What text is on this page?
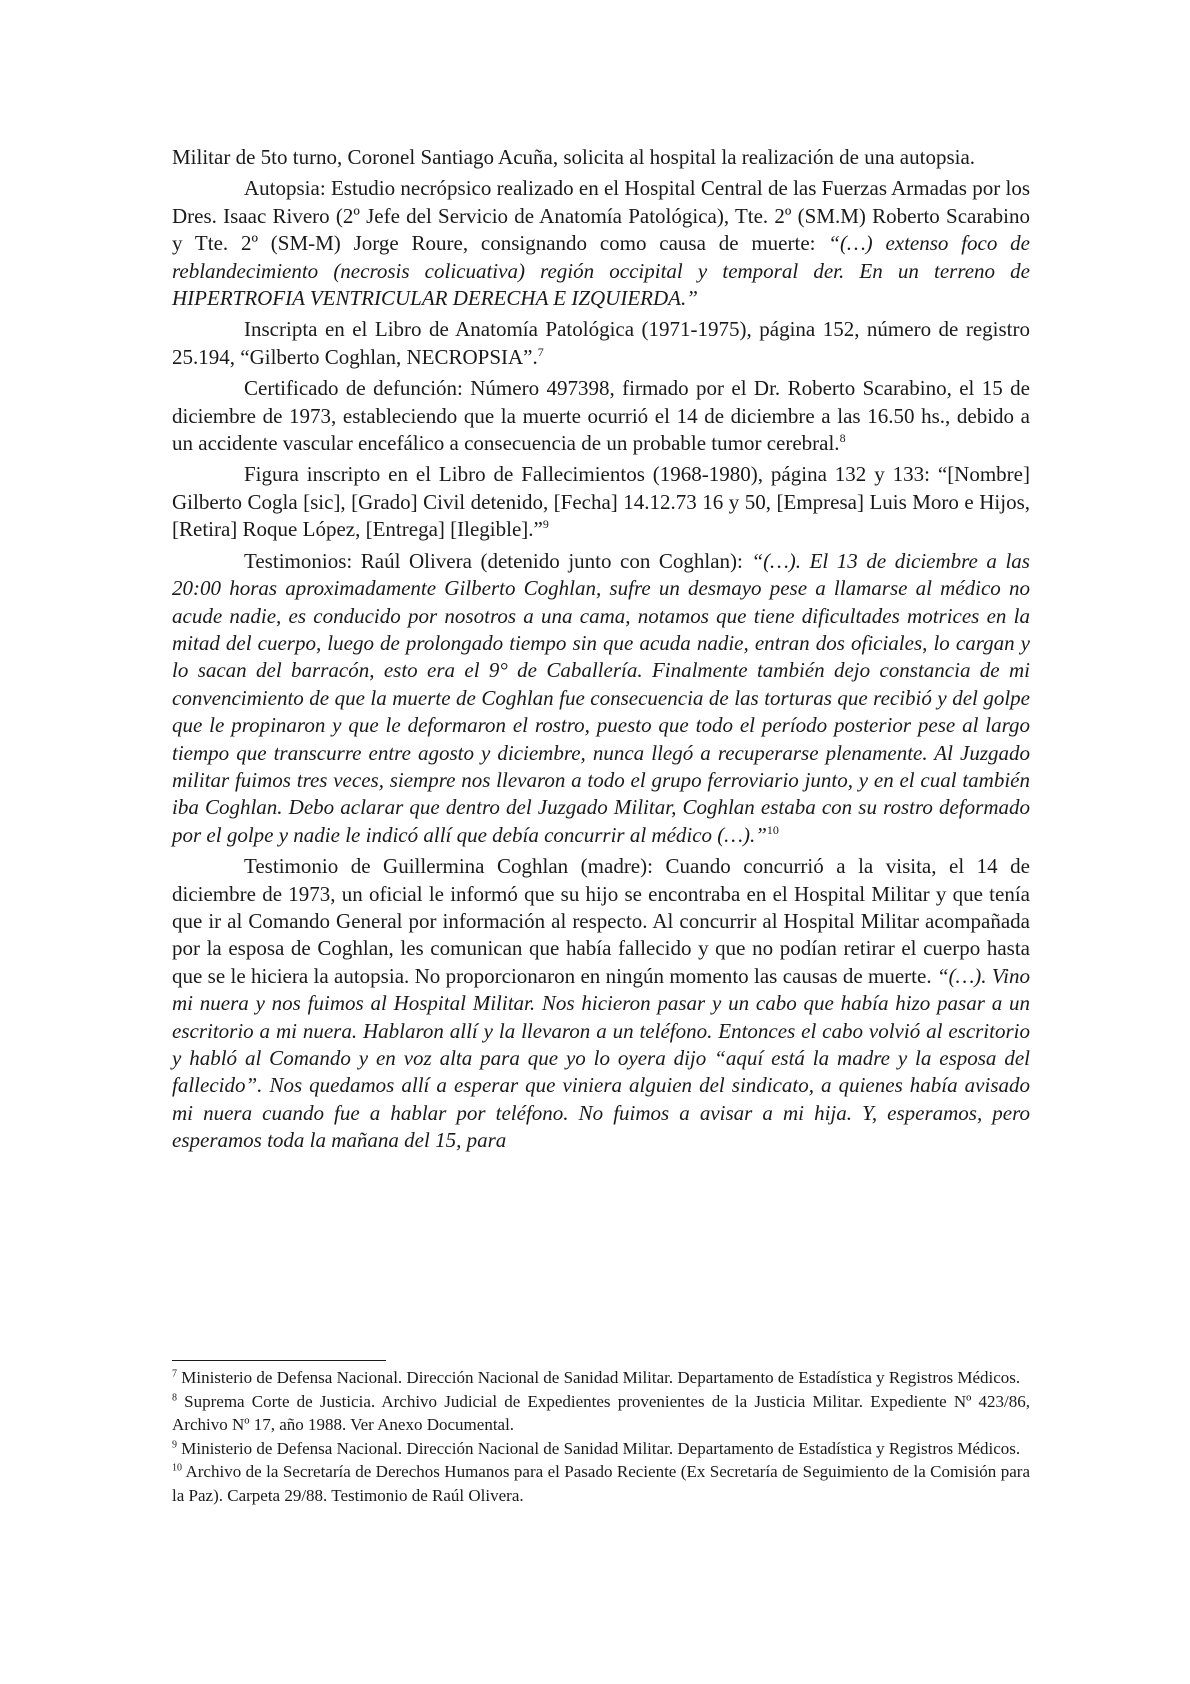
Militar de 5to turno, Coronel Santiago Acuña, solicita al hospital la realización de una autopsia.

Autopsia: Estudio necrópsico realizado en el Hospital Central de las Fuerzas Armadas por los Dres. Isaac Rivero (2º Jefe del Servicio de Anatomía Patológica), Tte. 2º (SM.M) Roberto Scarabino y Tte. 2º (SM-M) Jorge Roure, consignando como causa de muerte: “(…) extenso foco de reblandecimiento (necrosis colicuativa) región occipital y temporal der. En un terreno de HIPERTROFIA VENTRICULAR DERECHA E IZQUIERDA.”

Inscripta en el Libro de Anatomía Patológica (1971-1975), página 152, número de registro 25.194, “Gilberto Coghlan, NECROPSIA”.$^7$

Certificado de defunción: Número 497398, firmado por el Dr. Roberto Scarabino, el 15 de diciembre de 1973, estableciendo que la muerte ocurrió el 14 de diciembre a las 16.50 hs., debido a un accidente vascular encefálico a consecuencia de un probable tumor cerebral.$^8$

Figura inscripto en el Libro de Fallecimientos (1968-1980), página 132 y 133: “[Nombre] Gilberto Cogla [sic], [Grado] Civil detenido, [Fecha] 14.12.73 16 y 50, [Empresa] Luis Moro e Hijos, [Retira] Roque López, [Entrega] [Ilegible].”$^9$

Testimonios: Raúl Olivera (detenido junto con Coghlan): “(…). El 13 de diciembre a las 20:00 horas aproximadamente Gilberto Coghlan, sufre un desmayo pese a llamarse al médico no acude nadie, es conducido por nosotros a una cama, notamos que tiene dificultades motrices en la mitad del cuerpo, luego de prolongado tiempo sin que acuda nadie, entran dos oficiales, lo cargan y lo sacan del barracón, esto era el 9° de Caballería. Finalmente también dejo constancia de mi convencimiento de que la muerte de Coghlan fue consecuencia de las torturas que recibió y del golpe que le propinaron y que le deformaron el rostro, puesto que todo el período posterior pese al largo tiempo que transcurre entre agosto y diciembre, nunca llegó a recuperarse plenamente. Al Juzgado militar fuimos tres veces, siempre nos llevaron a todo el grupo ferroviario junto, y en el cual también iba Coghlan. Debo aclarar que dentro del Juzgado Militar, Coghlan estaba con su rostro deformado por el golpe y nadie le indicó allí que debía concurrir al médico (…).”$^{10}$

Testimonio de Guillermina Coghlan (madre): Cuando concurrió a la visita, el 14 de diciembre de 1973, un oficial le informó que su hijo se encontraba en el Hospital Militar y que tenía que ir al Comando General por información al respecto. Al concurrir al Hospital Militar acompañada por la esposa de Coghlan, les comunican que había fallecido y que no podían retirar el cuerpo hasta que se le hiciera la autopsia. No proporcionaron en ningún momento las causas de muerte. “(…). Vino mi nuera y nos fuimos al Hospital Militar. Nos hicieron pasar y un cabo que había hizo pasar a un escritorio a mi nuera. Hablaron allí y la llevaron a un teléfono. Entonces el cabo volvió al escritorio y habló al Comando y en voz alta para que yo lo oyera dijo “aquí está la madre y la esposa del fallecido”. Nos quedamos allí a esperar que viniera alguien del sindicato, a quienes había avisado mi nuera cuando fue a hablar por teléfono. No fuimos a avisar a mi hija. Y, esperamos, pero esperamos toda la mañana del 15, para

$^7$ Ministerio de Defensa Nacional. Dirección Nacional de Sanidad Militar. Departamento de Estadística y Registros Médicos.

$^8$ Suprema Corte de Justicia. Archivo Judicial de Expedientes provenientes de la Justicia Militar. Expediente Nº 423/86, Archivo Nº 17, año 1988. Ver Anexo Documental.

$^9$ Ministerio de Defensa Nacional. Dirección Nacional de Sanidad Militar. Departamento de Estadística y Registros Médicos.

$^{10}$ Archivo de la Secretaría de Derechos Humanos para el Pasado Reciente (Ex Secretaría de Seguimiento de la Comisión para la Paz). Carpeta 29/88. Testimonio de Raúl Olivera.
